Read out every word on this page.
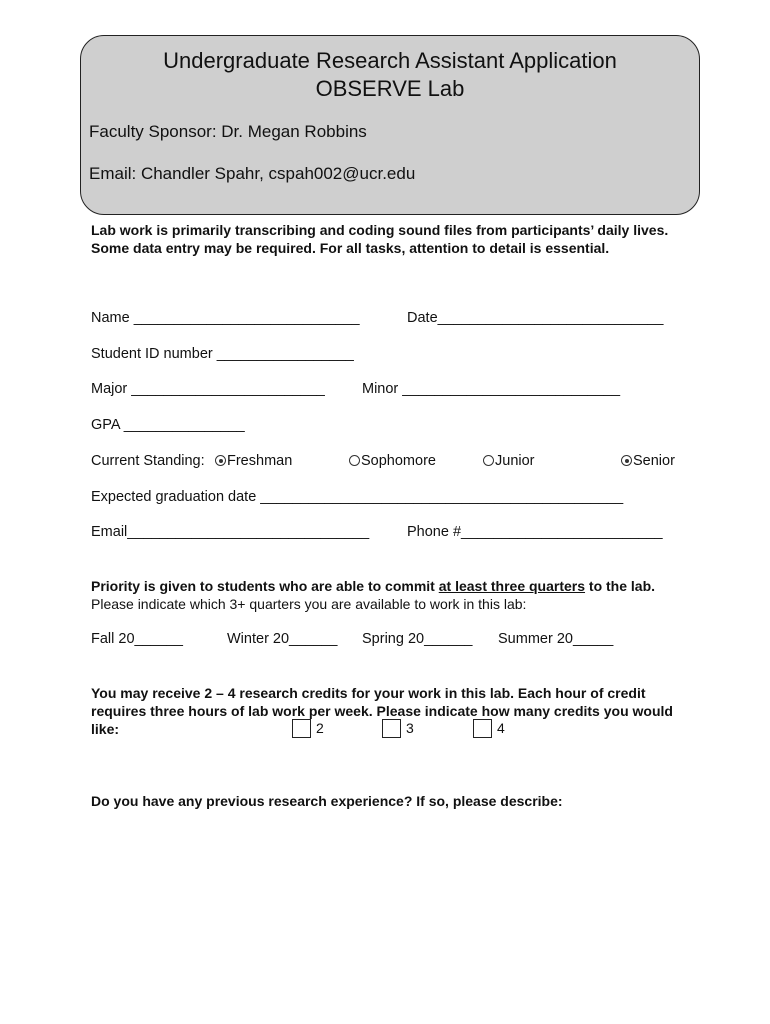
Undergraduate Research Assistant Application
OBSERVE Lab
Faculty Sponsor: Dr. Megan Robbins
Email: Chandler Spahr, cspah002@ucr.edu
Lab work is primarily transcribing and coding sound files from participants’ daily lives. Some data entry may be required. For all tasks, attention to detail is essential.
Name ____________________________	Date____________________________
Student ID number _________________
Major ________________________	Minor ___________________________
GPA _______________
Current Standing:	Freshman	Sophomore	Junior	Senior
Expected graduation date _____________________________________________
Email______________________________	Phone #_________________________
Priority is given to students who are able to commit at least three quarters to the lab. Please indicate which 3+ quarters you are available to work in this lab:
Fall 20______	Winter 20______ Spring 20______ Summer 20_____
You may receive 2 – 4 research credits for your work in this lab. Each hour of credit requires three hours of lab work per week. Please indicate how many credits you would like:	2	3	4
Do you have any previous research experience? If so, please describe:
